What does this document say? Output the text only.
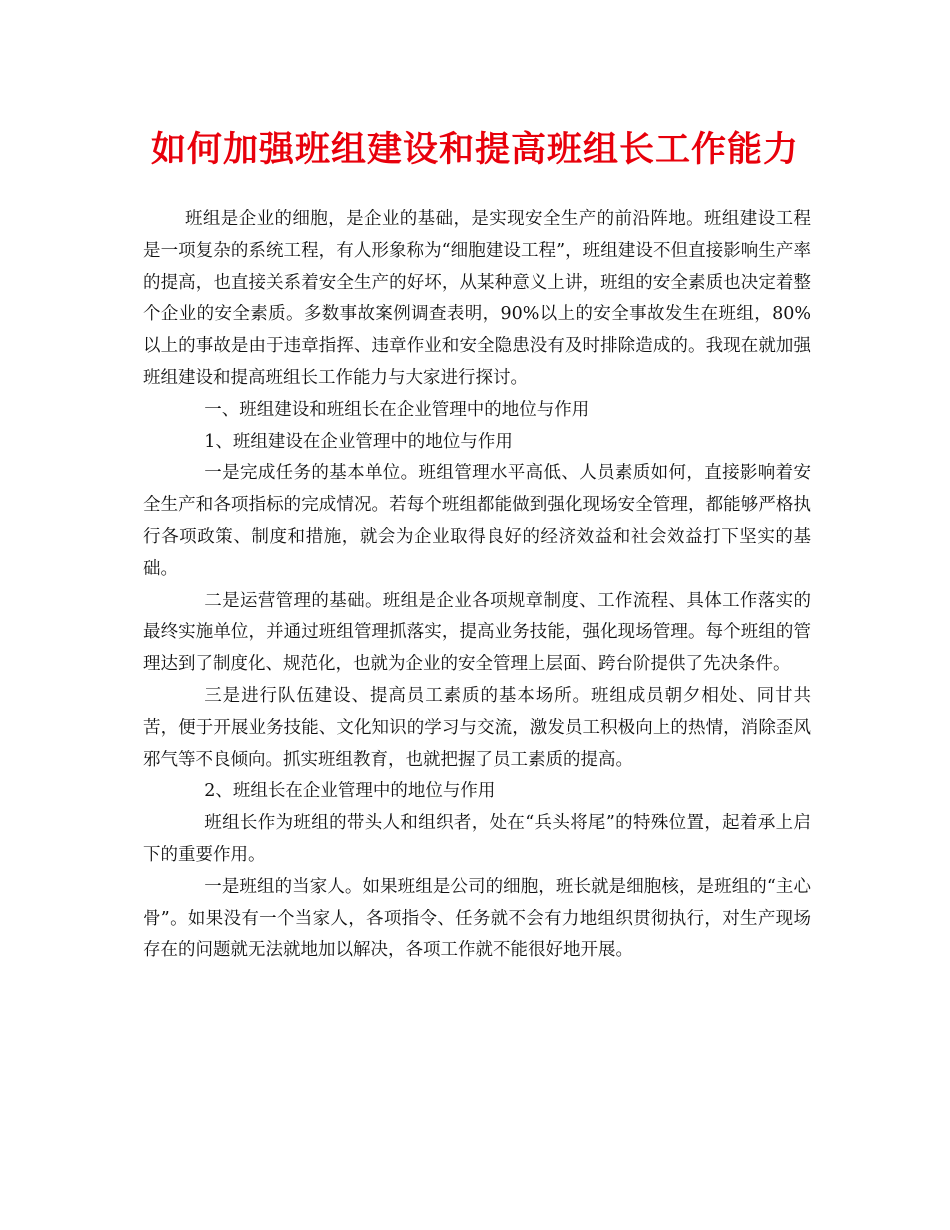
如何加强班组建设和提高班组长工作能力

班组是企业的细胞，是企业的基础，是实现安全生产的前沿阵地。班组建设工程是一项复杂的系统工程，有人形象称为“细胞建设工程”，班组建设不但直接影响生产率的提高，也直接关系着安全生产的好坏，从某种意义上讲，班组的安全素质也决定着整个企业的安全素质。多数事故案例调查表明，90%以上的安全事故发生在班组，80%以上的事故是由于违章指挥、违章作业和安全隐患没有及时排除造成的。我现在就加强班组建设和提高班组长工作能力与大家进行探讨。

一、班组建设和班组长在企业管理中的地位与作用

1、班组建设在企业管理中的地位与作用

一是完成任务的基本单位。班组管理水平高低、人员素质如何，直接影响着安全生产和各项指标的完成情况。若每个班组都能做到强化现场安全管理，都能够严格执行各项政策、制度和措施，就会为企业取得良好的经济效益和社会效益打下坚实的基础。

二是运营管理的基础。班组是企业各项规章制度、工作流程、具体工作落实的最终实施单位，并通过班组管理抓落实，提高业务技能，强化现场管理。每个班组的管理达到了制度化、规范化，也就为企业的安全管理上层面、跨台阶提供了先决条件。

三是进行队伍建设、提高员工素质的基本场所。班组成员朝夕相处、同甘共苦，便于开展业务技能、文化知识的学习与交流，激发员工积极向上的热情，消除歪风邪气等不良倾向。抓实班组教育，也就把握了员工素质的提高。

2、班组长在企业管理中的地位与作用

班组长作为班组的带头人和组织者，处在“兵头将尾”的特殊位置，起着承上启下的重要作用。

一是班组的当家人。如果班组是公司的细胞，班长就是细胞核，是班组的“主心骨”。如果没有一个当家人，各项指令、任务就不会有力地组织贯彻执行，对生产现场存在的问题就无法就地加以解决，各项工作就不能很好地开展。
